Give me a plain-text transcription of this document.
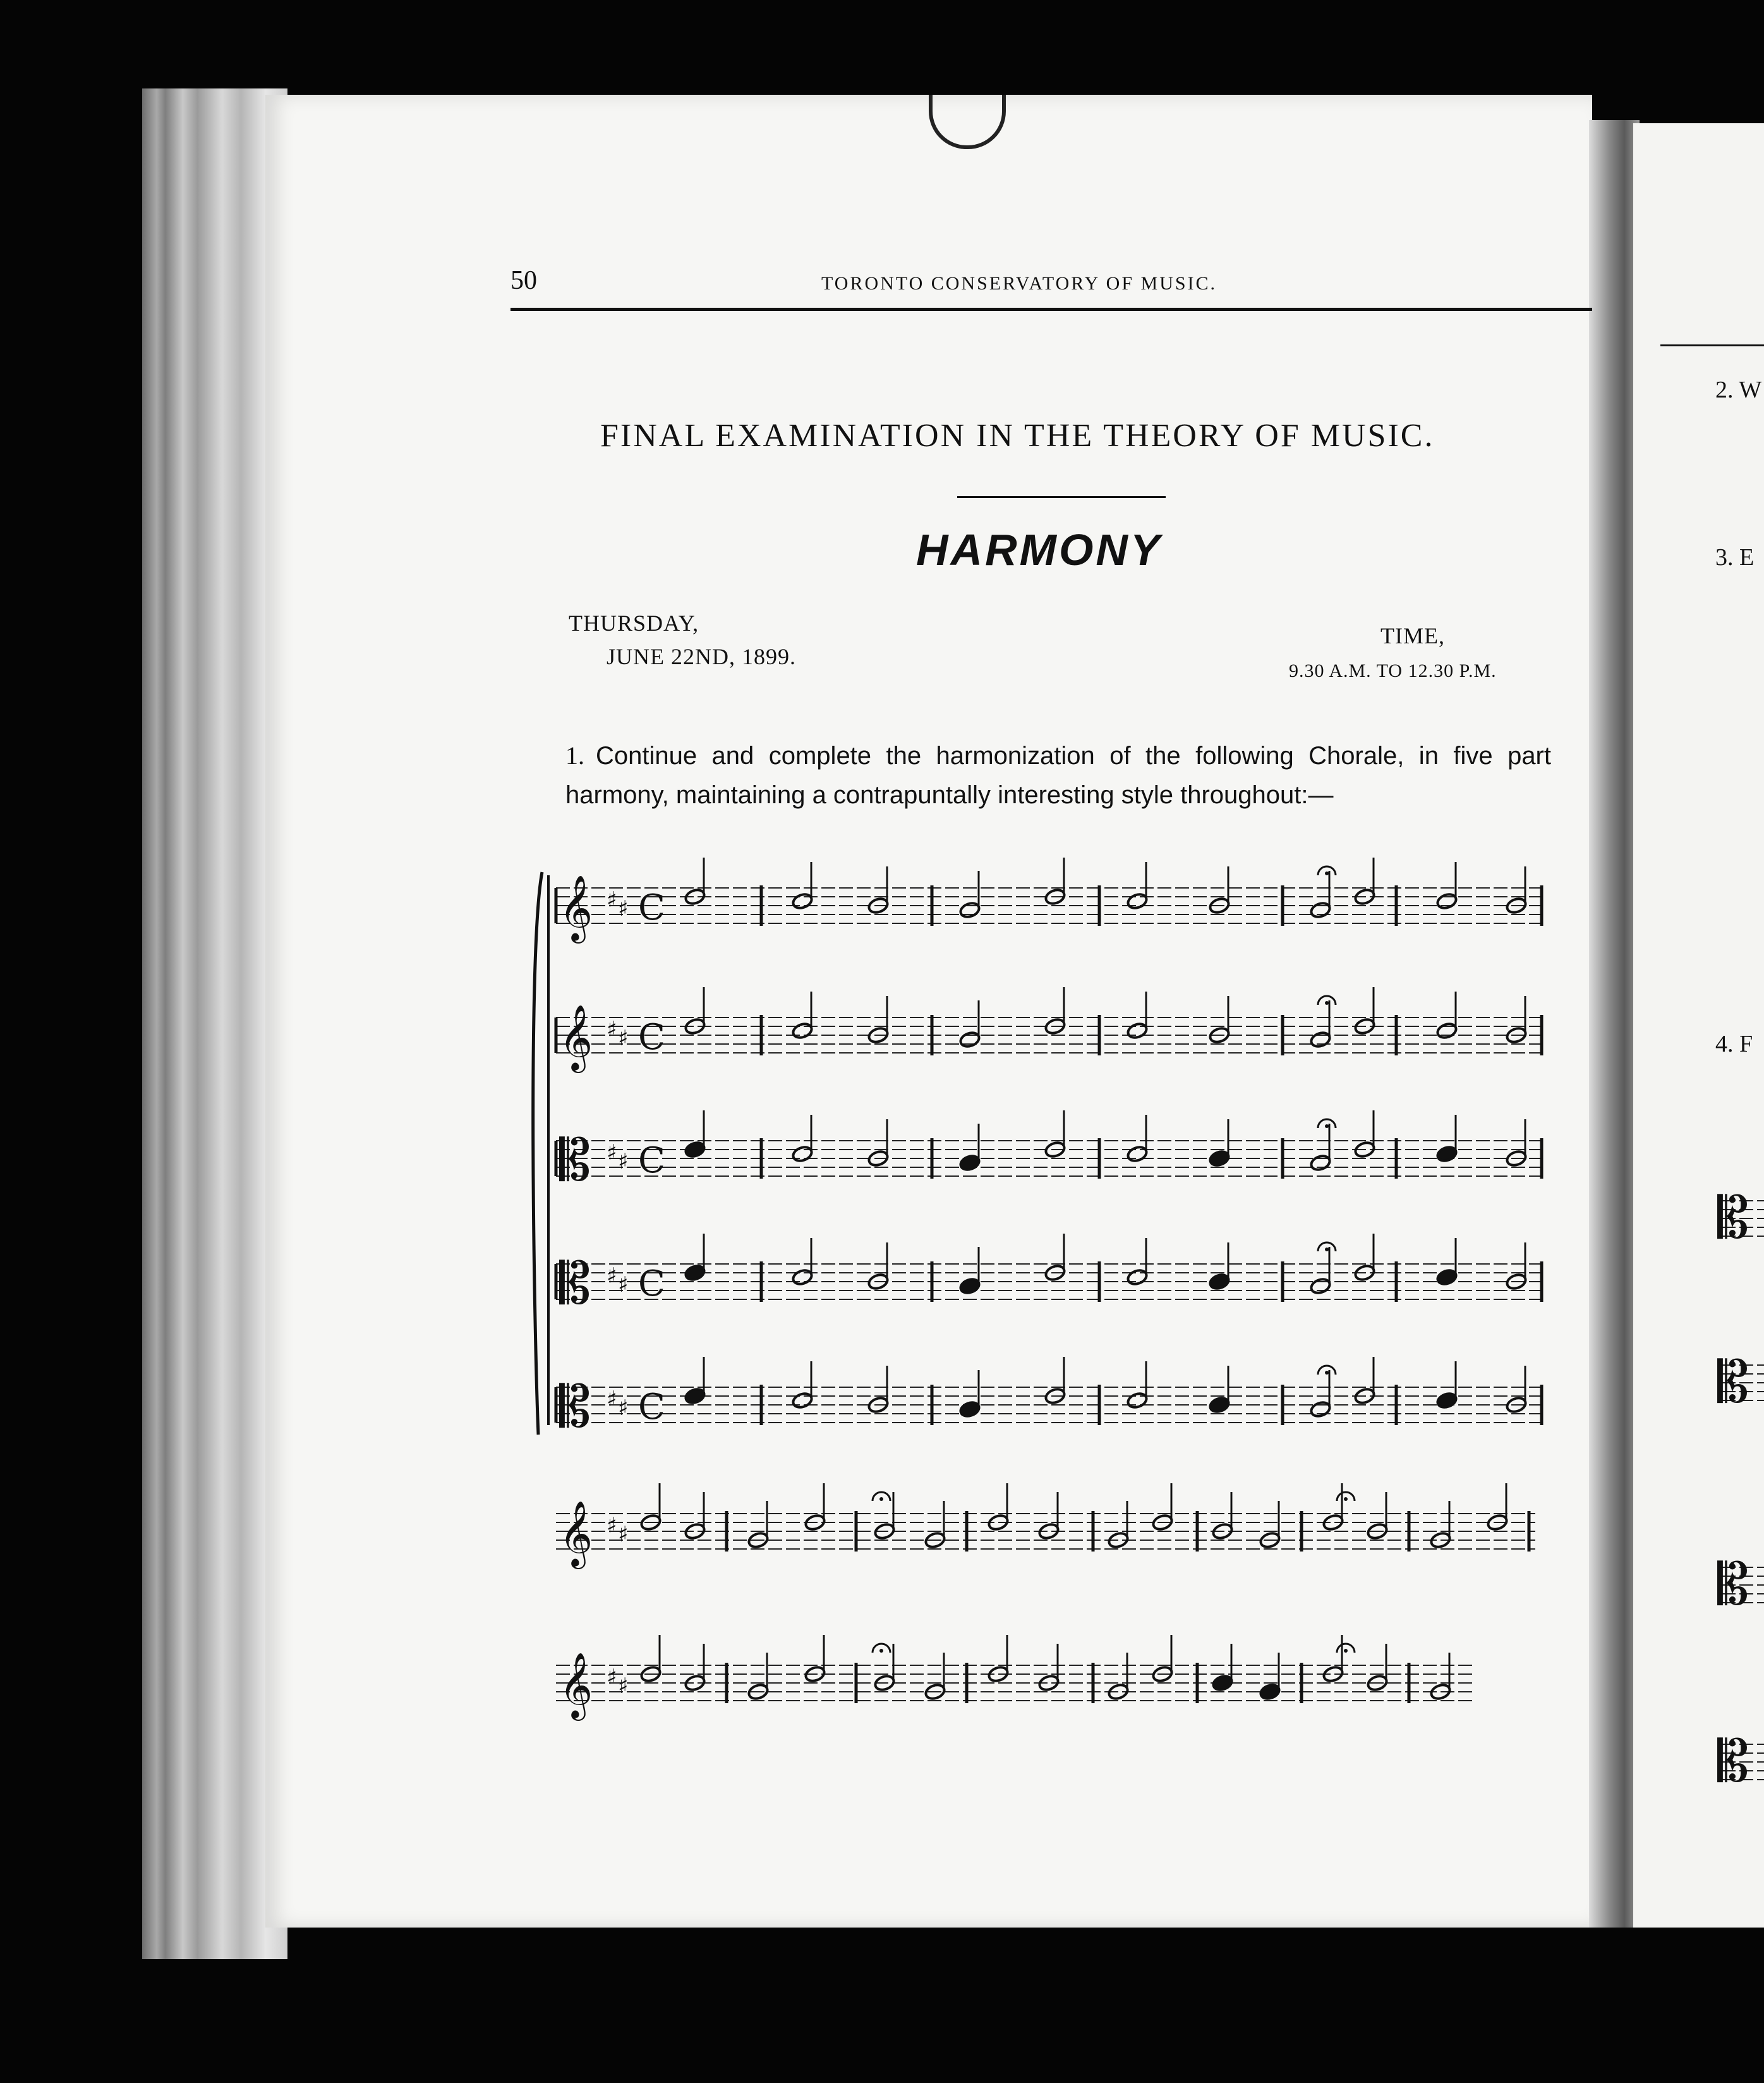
50	TORONTO CONSERVATORY OF MUSIC.
FINAL EXAMINATION IN THE THEORY OF MUSIC.
HARMONY
THURSDAY,
JUNE 22ND, 1899.
TIME,
9.30 A.M. TO 12.30 P.M.
1. Continue and complete the harmonization of the following Chorale, in five part harmony, maintaining a contrapuntally interesting style throughout:—
𝄞 ♯ ♯ C
𝄞 ♯ ♯ C
𝄡 ♯ ♯ C
𝄡 ♯ ♯ C
𝄡 ♯ ♯ C
𝄞 ♯ ♯
𝄞 ♯ ♯
𝄡
𝄡
𝄡
𝄡
2. W
3. E
4. F
